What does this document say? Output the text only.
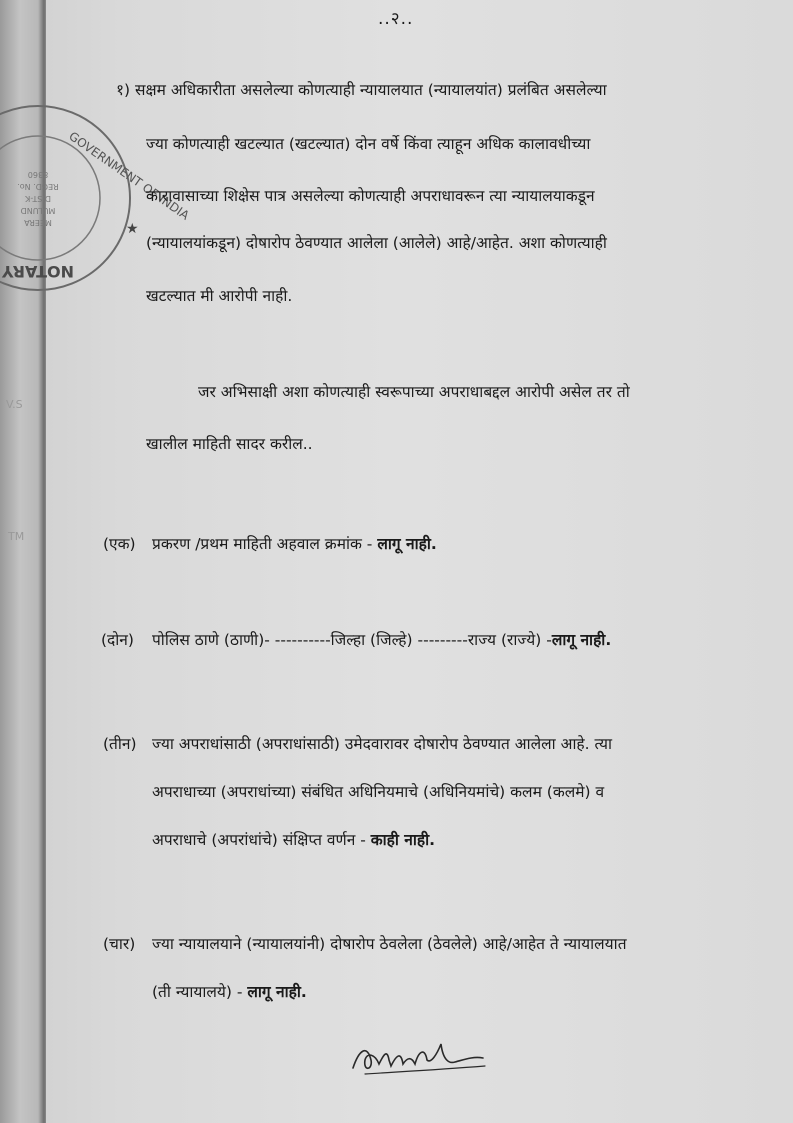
GOVERNMENT OF INDIA
NOTARY
MEERA
MULUND
DIST-K
REGD. No.
8360
★
V.S
TM
..२..
१) सक्षम अधिकारीता असलेल्या कोणत्याही न्यायालयात (न्यायालयांत) प्रलंबित असलेल्या
ज्या कोणत्याही खटल्यात (खटल्यात) दोन वर्षे किंवा त्याहून अधिक कालावधीच्या
कारावासाच्या शिक्षेस पात्र असलेल्या कोणत्याही अपराधावरून त्या न्यायालयाकडून
(न्यायालयांकडून) दोषारोप ठेवण्यात आलेला (आलेले) आहे/आहेत. अशा कोणत्याही
खटल्यात मी आरोपी नाही.
जर अभिसाक्षी अशा कोणत्याही स्वरूपाच्या अपराधाबद्दल आरोपी असेल तर तो
खालील माहिती सादर करील..
(एक) प्रकरण /प्रथम माहिती अहवाल क्रमांक - लागू नाही.
(दोन) पोलिस ठाणे (ठाणी)- ----------जिल्हा (जिल्हे) ---------राज्य (राज्ये) -लागू नाही.
(तीन) ज्या अपराधांसाठी (अपराधांसाठी) उमेदवारावर दोषारोप ठेवण्यात आलेला आहे. त्या
अपराधाच्या (अपराधांच्या) संबंधित अधिनियमाचे (अधिनियमांचे) कलम (कलमे) व
अपराधाचे (अपरांधांचे) संक्षिप्त वर्णन - काही नाही.
(चार) ज्या न्यायालयाने (न्यायालयांनी) दोषारोप ठेवलेला (ठेवलेले) आहे/आहेत ते न्यायालयात
(ती न्यायालये) - लागू नाही.
